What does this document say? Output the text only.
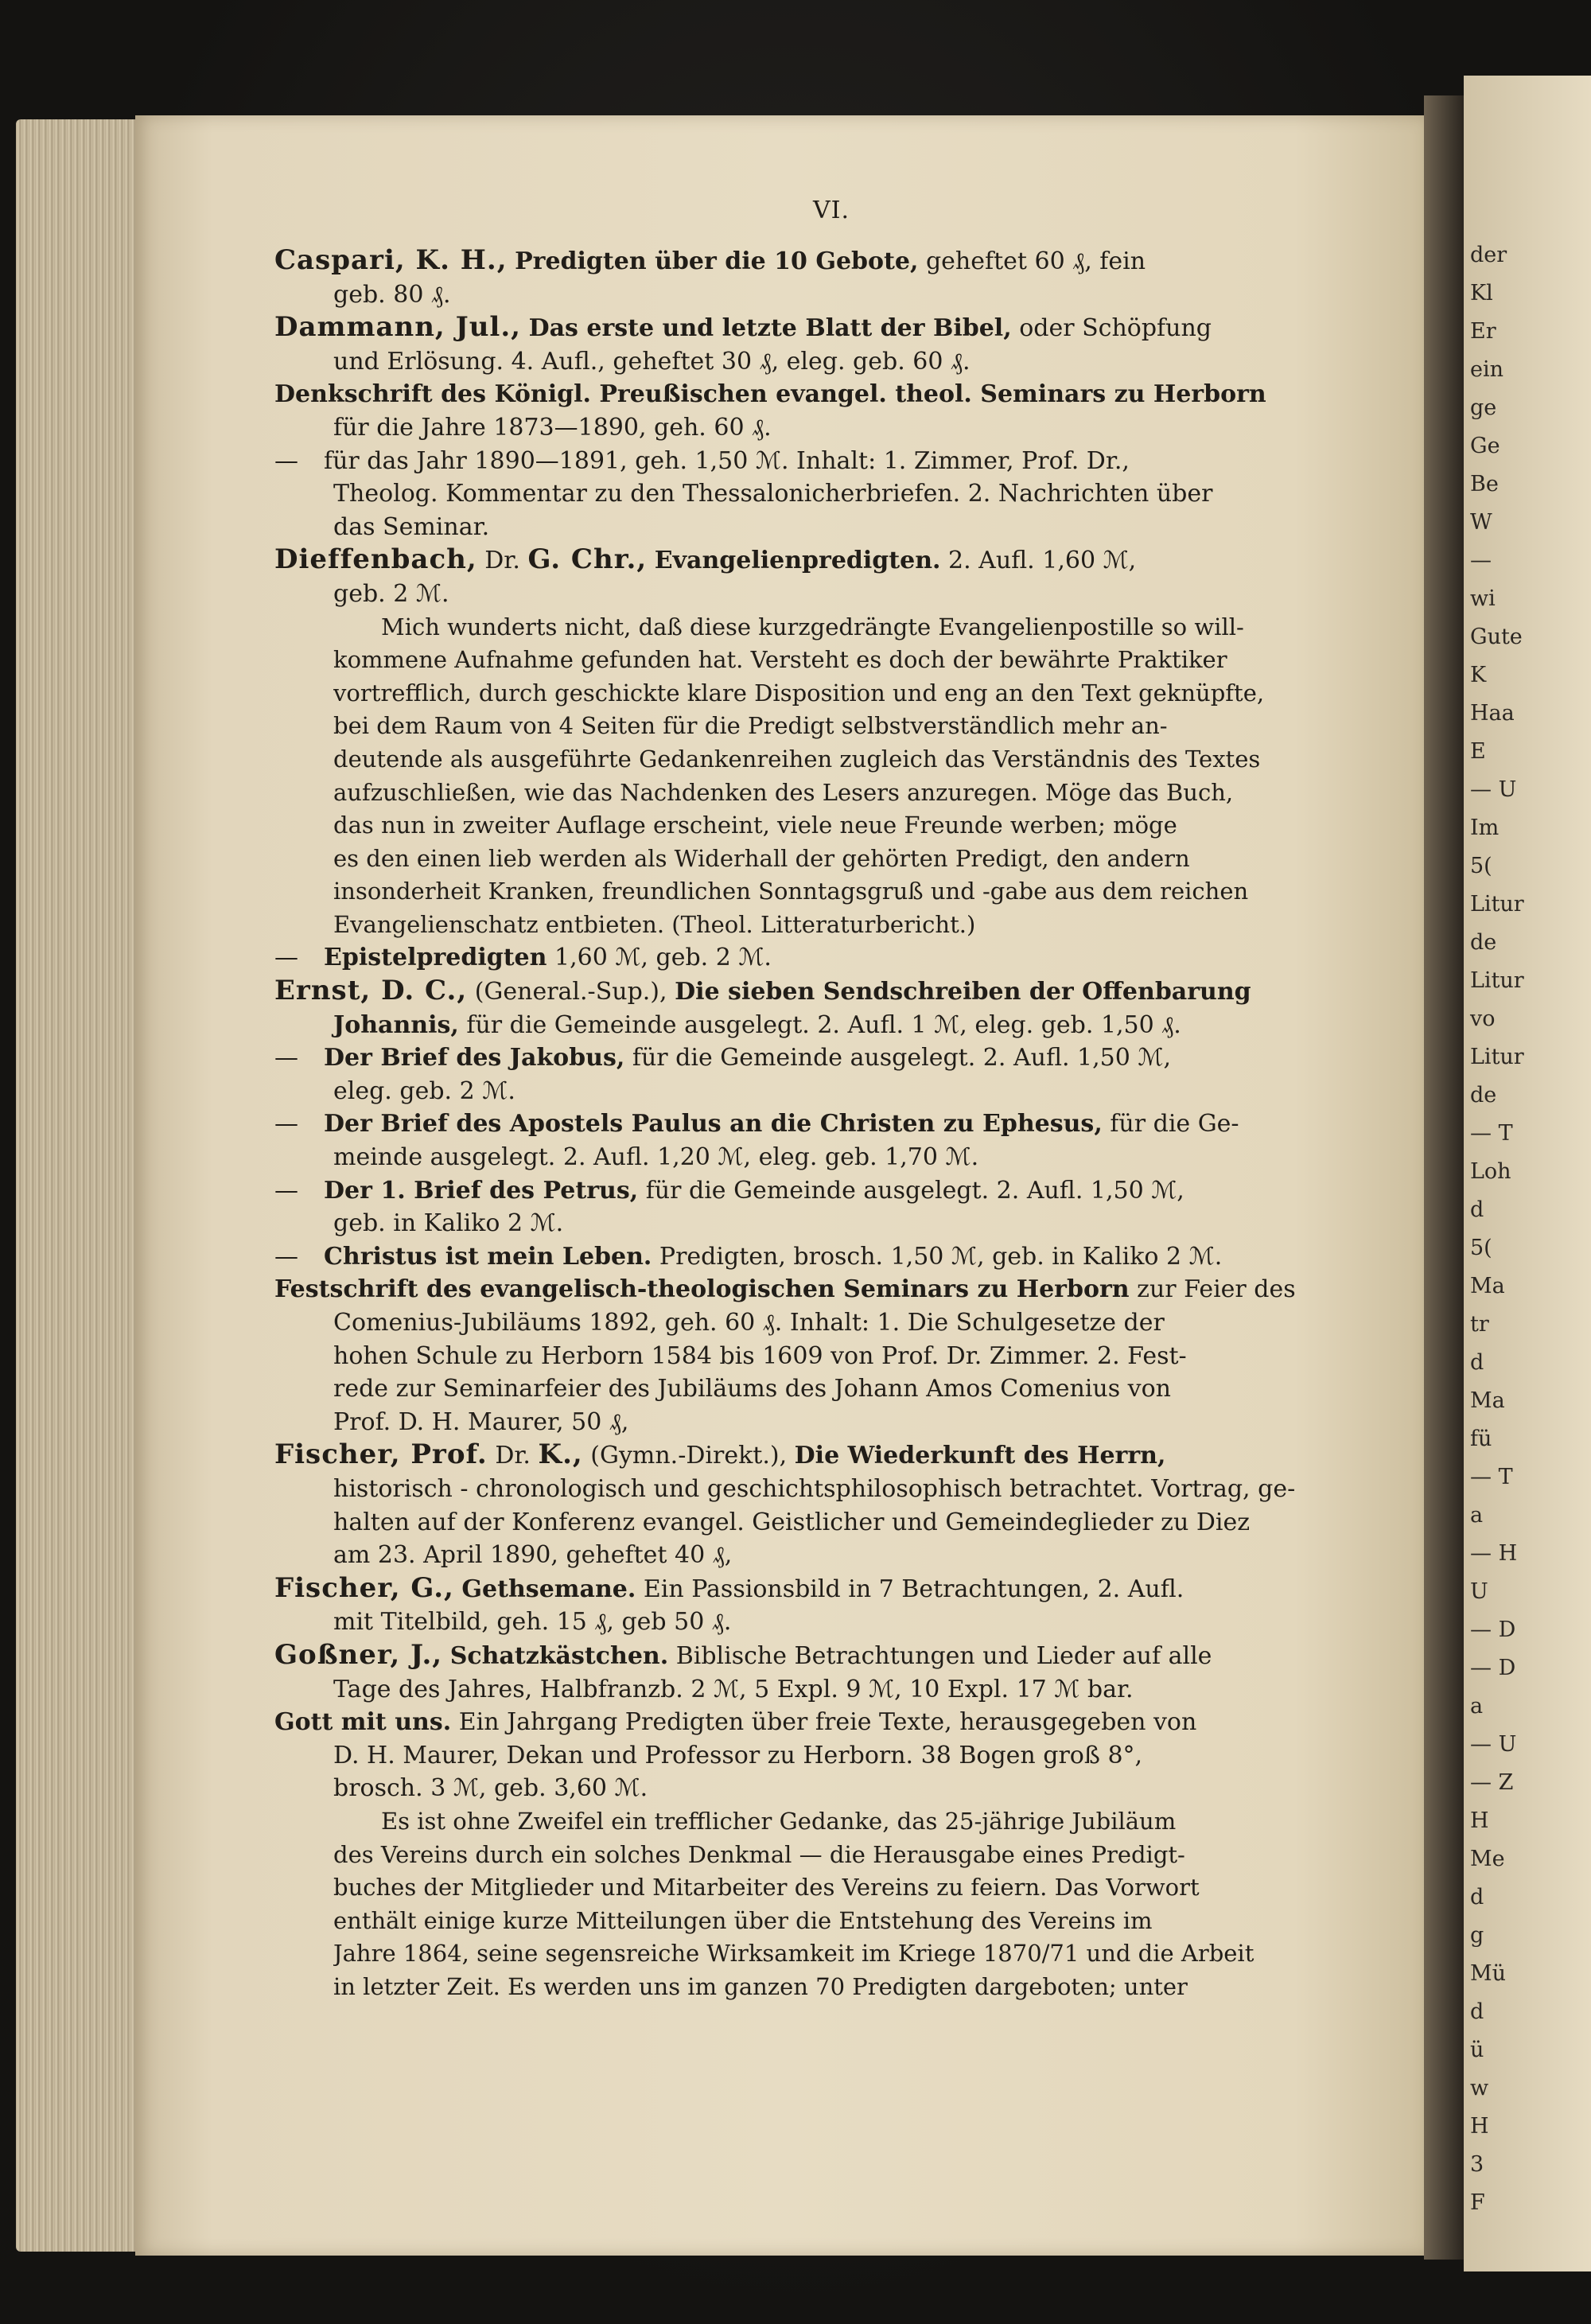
der
Kl
Er
ein
ge
Ge
Be
W
—
wi
Gute
K
Haa
E
— U
Im
5(
Litur
de
Litur
vo
Litur
de
— T
Loh
d
5(
Ma
tr
d
Ma
fü
— T
a
— H
U
— D
— D
a
— U
— Z
H
Me
d
g
Mü
d
ü
w
H
3
F
VI.
Caspari, K. H., Predigten über die 10 Gebote, geheftet 60 ₰, fein
geb. 80 ₰.
Dammann, Jul., Das erste und letzte Blatt der Bibel, oder Schöpfung
und Erlösung. 4. Aufl., geheftet 30 ₰, eleg. geb. 60 ₰.
Denkschrift des Königl. Preußischen evangel. theol. Seminars zu Herborn
für die Jahre 1873—1890, geh. 60 ₰.
— für das Jahr 1890—1891, geh. 1,50 ℳ. Inhalt: 1. Zimmer, Prof. Dr.,
Theolog. Kommentar zu den Thessalonicherbriefen. 2. Nachrichten über
das Seminar.
Dieffenbach, Dr. G. Chr., Evangelienpredigten. 2. Aufl. 1,60 ℳ,
geb. 2 ℳ.
Mich wunderts nicht, daß diese kurzgedrängte Evangelienpostille so will-
kommene Aufnahme gefunden hat. Versteht es doch der bewährte Praktiker
vortrefflich, durch geschickte klare Disposition und eng an den Text geknüpfte,
bei dem Raum von 4 Seiten für die Predigt selbstverständlich mehr an-
deutende als ausgeführte Gedankenreihen zugleich das Verständnis des Textes
aufzuschließen, wie das Nachdenken des Lesers anzuregen. Möge das Buch,
das nun in zweiter Auflage erscheint, viele neue Freunde werben; möge
es den einen lieb werden als Widerhall der gehörten Predigt, den andern
insonderheit Kranken, freundlichen Sonntagsgruß und -gabe aus dem reichen
Evangelienschatz entbieten. (Theol. Litteraturbericht.)
— Epistelpredigten 1,60 ℳ, geb. 2 ℳ.
Ernst, D. C., (General.-Sup.), Die sieben Sendschreiben der Offenbarung
Johannis, für die Gemeinde ausgelegt. 2. Aufl. 1 ℳ, eleg. geb. 1,50 ₰.
— Der Brief des Jakobus, für die Gemeinde ausgelegt. 2. Aufl. 1,50 ℳ,
eleg. geb. 2 ℳ.
— Der Brief des Apostels Paulus an die Christen zu Ephesus, für die Ge-
meinde ausgelegt. 2. Aufl. 1,20 ℳ, eleg. geb. 1,70 ℳ.
— Der 1. Brief des Petrus, für die Gemeinde ausgelegt. 2. Aufl. 1,50 ℳ,
geb. in Kaliko 2 ℳ.
— Christus ist mein Leben. Predigten, brosch. 1,50 ℳ, geb. in Kaliko 2 ℳ.
Festschrift des evangelisch-theologischen Seminars zu Herborn zur Feier des
Comenius-Jubiläums 1892, geh. 60 ₰. Inhalt: 1. Die Schulgesetze der
hohen Schule zu Herborn 1584 bis 1609 von Prof. Dr. Zimmer. 2. Fest-
rede zur Seminarfeier des Jubiläums des Johann Amos Comenius von
Prof. D. H. Maurer, 50 ₰,
Fischer, Prof. Dr. K., (Gymn.-Direkt.), Die Wiederkunft des Herrn,
historisch - chronologisch und geschichtsphilosophisch betrachtet. Vortrag, ge-
halten auf der Konferenz evangel. Geistlicher und Gemeindeglieder zu Diez
am 23. April 1890, geheftet 40 ₰,
Fischer, G., Gethsemane. Ein Passionsbild in 7 Betrachtungen, 2. Aufl.
mit Titelbild, geh. 15 ₰, geb 50 ₰.
Goßner, J., Schatzkästchen. Biblische Betrachtungen und Lieder auf alle
Tage des Jahres, Halbfranzb. 2 ℳ, 5 Expl. 9 ℳ, 10 Expl. 17 ℳ bar.
Gott mit uns. Ein Jahrgang Predigten über freie Texte, herausgegeben von
D. H. Maurer, Dekan und Professor zu Herborn. 38 Bogen groß 8°,
brosch. 3 ℳ, geb. 3,60 ℳ.
Es ist ohne Zweifel ein trefflicher Gedanke, das 25-jährige Jubiläum
des Vereins durch ein solches Denkmal — die Herausgabe eines Predigt-
buches der Mitglieder und Mitarbeiter des Vereins zu feiern. Das Vorwort
enthält einige kurze Mitteilungen über die Entstehung des Vereins im
Jahre 1864, seine segensreiche Wirksamkeit im Kriege 1870/71 und die Arbeit
in letzter Zeit. Es werden uns im ganzen 70 Predigten dargeboten; unter
